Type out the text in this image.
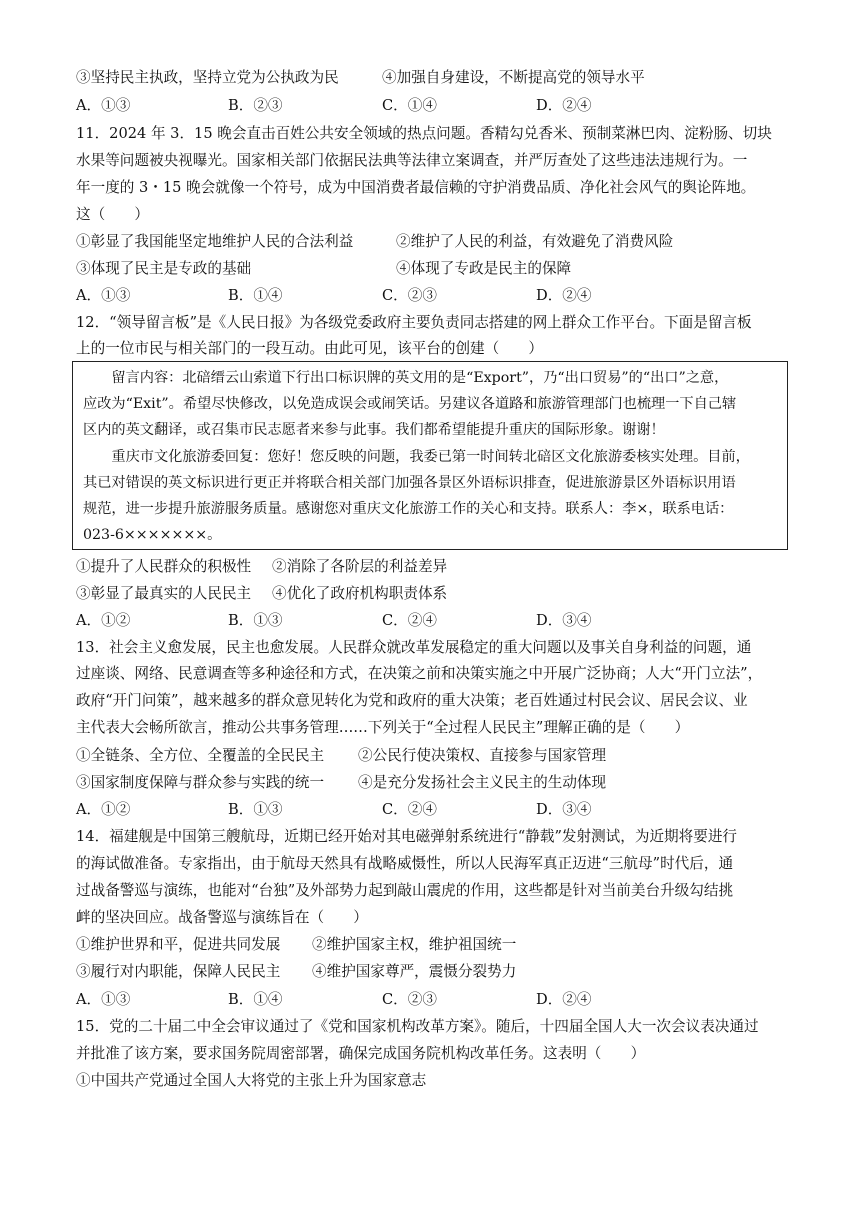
③坚持民主执政，坚持立党为公执政为民	④加强自身建设，不断提高党的领导水平
A．①③	B．②③	C．①④	D．②④
11．2024 年 3．15 晚会直击百姓公共安全领域的热点问题。香精勾兑香米、预制菜淋巴肉、淀粉肠、切块
水果等问题被央视曝光。国家相关部门依据民法典等法律立案调查，并严厉查处了这些违法违规行为。一
年一度的 3・15 晚会就像一个符号，成为中国消费者最信赖的守护消费品质、净化社会风气的舆论阵地。
这（　　）
①彰显了我国能坚定地维护人民的合法利益	②维护了人民的利益，有效避免了消费风险
③体现了民主是专政的基础	④体现了专政是民主的保障
A．①③	B．①④	C．②③	D．②④
12．“领导留言板”是《人民日报》为各级党委政府主要负责同志搭建的网上群众工作平台。下面是留言板
上的一位市民与相关部门的一段互动。由此可见，该平台的创建（　　）
　　留言内容：北碚缙云山索道下行出口标识牌的英文用的是“Export”，乃“出口贸易”的“出口”之意，
应改为“Exit”。希望尽快修改，以免造成误会或闹笑话。另建议各道路和旅游管理部门也梳理一下自己辖
区内的英文翻译，或召集市民志愿者来参与此事。我们都希望能提升重庆的国际形象。谢谢！
　　重庆市文化旅游委回复：您好！您反映的问题，我委已第一时间转北碚区文化旅游委核实处理。目前，
其已对错误的英文标识进行更正并将联合相关部门加强各景区外语标识排查，促进旅游景区外语标识用语
规范，进一步提升旅游服务质量。感谢您对重庆文化旅游工作的关心和支持。联系人：李×，联系电话：
023-6×××××××。
①提升了人民群众的积极性 ②消除了各阶层的利益差异
③彰显了最真实的人民民主 ④优化了政府机构职责体系
A．①②	B．①③	C．②④	D．③④
13．社会主义愈发展，民主也愈发展。人民群众就改革发展稳定的重大问题以及事关自身利益的问题，通
过座谈、网络、民意调查等多种途径和方式，在决策之前和决策实施之中开展广泛协商；人大“开门立法”，
政府“开门问策”，越来越多的群众意见转化为党和政府的重大决策；老百姓通过村民会议、居民会议、业
主代表大会畅所欲言，推动公共事务管理……下列关于“全过程人民民主”理解正确的是（　　）
①全链条、全方位、全覆盖的全民民主 ②公民行使决策权、直接参与国家管理
③国家制度保障与群众参与实践的统一 ④是充分发扬社会主义民主的生动体现
A．①②	B．①③	C．②④	D．③④
14．福建舰是中国第三艘航母，近期已经开始对其电磁弹射系统进行“静载”发射测试，为近期将要进行
的海试做准备。专家指出，由于航母天然具有战略威慑性，所以人民海军真正迈进“三航母”时代后，通
过战备警巡与演练，也能对“台独”及外部势力起到敲山震虎的作用，这些都是针对当前美台升级勾结挑
衅的坚决回应。战备警巡与演练旨在（　　）
①维护世界和平，促进共同发展 ②维护国家主权，维护祖国统一
③履行对内职能，保障人民民主 ④维护国家尊严，震慑分裂势力
A．①③	B．①④	C．②③	D．②④
15．党的二十届二中全会审议通过了《党和国家机构改革方案》。随后，十四届全国人大一次会议表决通过
并批准了该方案，要求国务院周密部署，确保完成国务院机构改革任务。这表明（　　）
①中国共产党通过全国人大将党的主张上升为国家意志
